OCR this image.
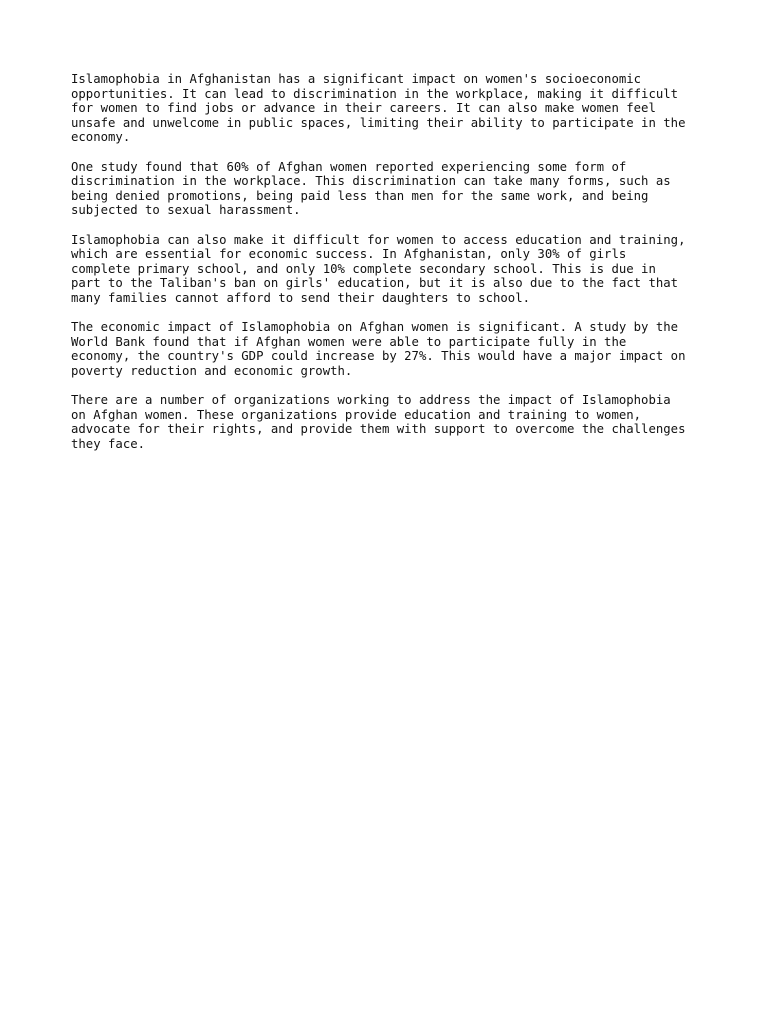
Islamophobia in Afghanistan has a significant impact on women's socioeconomic
opportunities. It can lead to discrimination in the workplace, making it difficult
for women to find jobs or advance in their careers. It can also make women feel
unsafe and unwelcome in public spaces, limiting their ability to participate in the
economy.

One study found that 60% of Afghan women reported experiencing some form of
discrimination in the workplace. This discrimination can take many forms, such as
being denied promotions, being paid less than men for the same work, and being
subjected to sexual harassment.

Islamophobia can also make it difficult for women to access education and training,
which are essential for economic success. In Afghanistan, only 30% of girls
complete primary school, and only 10% complete secondary school. This is due in
part to the Taliban's ban on girls' education, but it is also due to the fact that
many families cannot afford to send their daughters to school.

The economic impact of Islamophobia on Afghan women is significant. A study by the
World Bank found that if Afghan women were able to participate fully in the
economy, the country's GDP could increase by 27%. This would have a major impact on
poverty reduction and economic growth.

There are a number of organizations working to address the impact of Islamophobia
on Afghan women. These organizations provide education and training to women,
advocate for their rights, and provide them with support to overcome the challenges
they face.
